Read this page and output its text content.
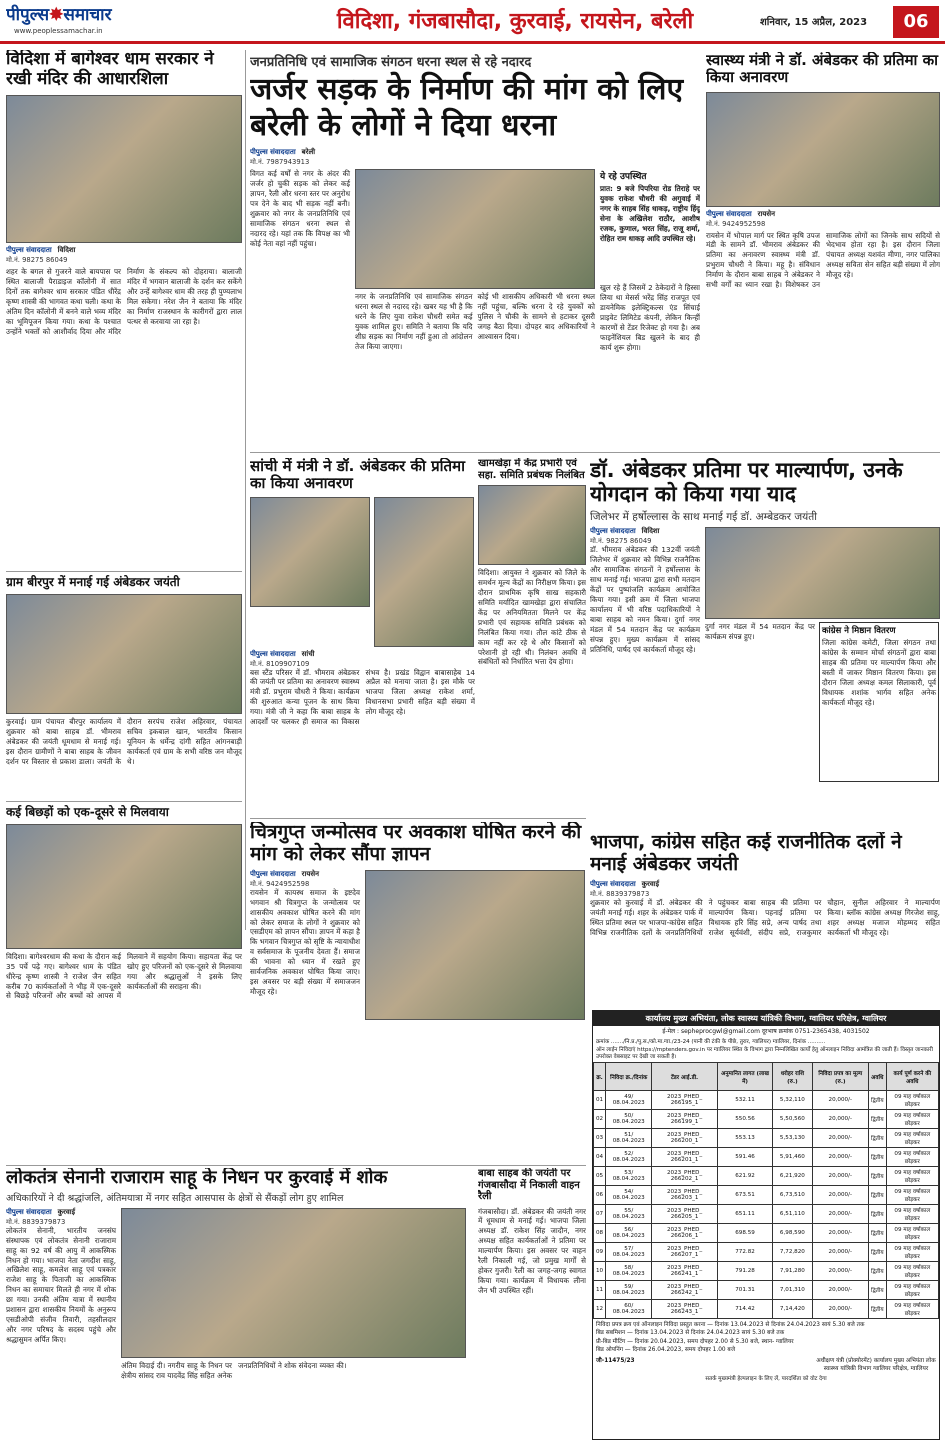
पीपुल्स✸समाचार
www.peoplessamachar.in	विदिशा, गंजबासौदा, कुरवाई, रायसेन, बरेली	शनिवार, 15 अप्रैल, 2023	06
विदिशा में बागेश्वर धाम सरकार ने रखी मंदिर की आधारशिला
पीपुल्स संवाददाता विदिशा
मो.नं. 98275 86049
शहर के बगल से गुजरने वाले बायपास पर स्थित बालाजी पैराडाइज कॉलोनी में सात दिनों तक बागेश्वर धाम सरकार पंडित धीरेंद्र कृष्ण शास्त्री की भागवत कथा चली। कथा के अंतिम दिन कॉलोनी में बनने वाले भव्य मंदिर का भूमिपूजन किया गया। कथा के पश्चात उन्होंने भक्तों को आशीर्वाद दिया और मंदिर निर्माण के संकल्प को दोहराया। बालाजी मंदिर में भगवान बालाजी के दर्शन कर सकेंगे और उन्हें बागेश्वर धाम की तरह ही पुण्यलाभ मिल सकेगा। नरेश जैन ने बताया कि मंदिर का निर्माण राजस्थान के कारीगरों द्वारा लाल पत्थर से करवाया जा रहा है।
ग्राम बीरपुर में मनाई गई अंबेडकर जयंती
कुरवाई। ग्राम पंचायत बीरपुर कार्यालय में शुक्रवार को बाबा साहब डॉ. भीमराव अंबेडकर की जयंती धूमधाम से मनाई गई। इस दौरान ग्रामीणों ने बाबा साहब के जीवन दर्शन पर विस्तार से प्रकाश डाला। जयंती के दौरान सरपंच राजेश अहिरवार, पंचायत सचिव इकबाल खान, भारतीय किसान यूनियन के धर्मेन्द्र दांगी सहित आंगनबाड़ी कार्यकर्ता एवं ग्राम के सभी वरिष्ठ जन मौजूद थे।
कई बिछड़ों को एक-दूसरे से मिलवाया
विदिशा। बागेश्वरधाम की कथा के दौरान कई 35 पर्चे पढ़े गए। बागेश्वर धाम के पंडित धीरेन्द्र कृष्ण शास्त्री ने राजेश जैन सहित करीब 70 कार्यकर्ताओं ने भीड़ में एक-दूसरे से बिछड़े परिजनों और बच्चों को आपस में मिलवाने में सहयोग किया। सहायता केंद्र पर खोए हुए परिजनों को एक-दूसरे से मिलवाया गया और श्रद्धालुओं ने इसके लिए कार्यकर्ताओं की सराहना की।
जनप्रतिनिधि एवं सामाजिक संगठन धरना स्थल से रहे नदारद
जर्जर सड़क के निर्माण की मांग को लिए बरेली के लोगों ने दिया धरना
पीपुल्स संवाददाता बरेली
मो.नं. 7987943913
विगत कई वर्षों से नगर के अंदर की जर्जर हो चुकी सड़क को लेकर कई ज्ञापन, रैली और धरना स्तर पर अनुरोध पत्र देने के बाद भी सड़क नहीं बनी। शुक्रवार को नगर के जनप्रतिनिधि एवं सामाजिक संगठन धरना स्थल से नदारद रहे। यहां तक कि विपक्ष का भी कोई नेता वहां नहीं पहुंचा।
नगर के जनप्रतिनिधि एवं सामाजिक संगठन धरना स्थल से नदारद रहे। खबर यह भी है कि धरने के लिए युवा राकेश चौधरी समेत कई युवक शामिल हुए। समिति ने बताया कि यदि शीघ्र सड़क का निर्माण नहीं हुआ तो आंदोलन तेज किया जाएगा।
कोई भी शासकीय अधिकारी भी धरना स्थल नहीं पहुंचा, बल्कि धरना दे रहे युवकों को पुलिस ने चौकी के सामने से हटाकर दूसरी जगह बैठा दिया। दोपहर बाद अधिकारियों ने आश्वासन दिया।
ये रहे उपस्थित
प्रात: 9 बजे पिपरिया रोड तिराहे पर युवक राकेश चौधरी की अगुवाई में नगर के साहब सिंह धाकड़, राष्ट्रीय हिंदू सेना के अखिलेश राठौर, आशीष रजक, कुणाल, भरत सिंह, राजू शर्मा, रोहित राम धाकड़ आदि उपस्थित रहे।
खुल रहे हैं जिसमें 2 ठेकेदारों ने हिस्सा लिया था मेसर्स भरेंद्र सिंह राजपूत एवं डायनेमिक इलेक्ट्रिकल्स एंड सिंचाई प्राइवेट लिमिटेड कंपनी, लेकिन किन्हीं कारणों से टेंडर रिजेक्ट हो गया है। अब फाइनेंशियल बिड खुलने के बाद ही कार्य शुरू होगा।
स्वास्थ्य मंत्री ने डॉ. अंबेडकर की प्रतिमा का किया अनावरण
पीपुल्स संवाददाता रायसेन
मो.नं. 9424952598
रायसेन में भोपाल मार्ग पर स्थित कृषि उपज मंडी के सामने डॉ. भीमराव अंबेडकर की प्रतिमा का अनावरण स्वास्थ्य मंत्री डॉ. प्रभुराम चौधरी ने किया। महू है। संविधान निर्माण के दौरान बाबा साहब ने अंबेडकर ने सभी वर्गों का ध्यान रखा है। विशेषकर उन सामाजिक लोगों का जिनके साथ सदियों से भेदभाव होता रहा है। इस दौरान जिला पंचायत अध्यक्ष यशवंत मीणा, नगर पालिका अध्यक्ष सविता सेन सहित बड़ी संख्या में लोग मौजूद रहे।
सांची में मंत्री ने डॉ. अंबेडकर की प्रतिमा का किया अनावरण
पीपुल्स संवाददाता सांची
मो.नं. 8109907109
बस स्टैंड परिसर में डॉ. भीमराव अंबेडकर की जयंती पर प्रतिमा का अनावरण स्वास्थ्य मंत्री डॉ. प्रभुराम चौधरी ने किया। कार्यक्रम की शुरुआत कन्या पूजन के साथ किया गया। मंत्री जी ने कहा कि बाबा साहब के आदर्शों पर चलकर ही समाज का विकास संभव है। प्रखंड विद्वान बाबासाहेब 14 अप्रैल को मनाया जाता है। इस मौके पर भाजपा जिला अध्यक्ष राकेश शर्मा, विधानसभा प्रभारी सहित बड़ी संख्या में लोग मौजूद रहे।
खामखेड़ा में केंद्र प्रभारी एवं सहा. समिति प्रबंधक निलंबित
विदिशा। आयुक्त ने शुक्रवार को जिले के समर्थन मूल्य केंद्रों का निरीक्षण किया। इस दौरान प्राथमिक कृषि साख सहकारी समिति मर्यादित खामखेड़ा द्वारा संचालित केंद्र पर अनियमितता मिलने पर केंद्र प्रभारी एवं सहायक समिति प्रबंधक को निलंबित किया गया। तौल कांटे ठीक से काम नहीं कर रहे थे और किसानों को परेशानी हो रही थी। निलंबन अवधि में संबंधितों को निर्धारित भत्ता देय होगा।
डॉ. अंबेडकर प्रतिमा पर माल्यार्पण, उनके योगदान को किया गया याद
जिलेभर में हर्षोल्लास के साथ मनाई गई डॉ. अम्बेडकर जयंती
पीपुल्स संवाददाता विदिशा
मो.नं. 98275 86049
डॉ. भीमराव अंबेडकर की 132वीं जयंती जिलेभर में शुक्रवार को विभिन्न राजनैतिक और सामाजिक संगठनों ने हर्षोल्लास के साथ मनाई गई। भाजपा द्वारा सभी मतदान केंद्रों पर पुष्पांजलि कार्यक्रम आयोजित किया गया। इसी क्रम में जिला भाजपा कार्यालय में भी वरिष्ठ पदाधिकारियों ने बाबा साहब को नमन किया। दुर्गा नगर मंडल में 54 मतदान केंद्र पर कार्यक्रम संपन्न हुए। मुख्य कार्यक्रम में सांसद प्रतिनिधि, पार्षद एवं कार्यकर्ता मौजूद रहे।
दुर्गा नगर मंडल में 54 मतदान केंद्र पर कार्यक्रम संपन्न हुए।
कांग्रेस ने मिष्ठान वितरण
जिला कांग्रेस कमेटी, जिला संगठन तथा कांग्रेस के सम्मान मोर्चा संगठनों द्वारा बाबा साहब की प्रतिमा पर माल्यार्पण किया और बस्ती में जाकर मिष्ठान वितरण किया। इस दौरान जिला अध्यक्ष कमल सिलाकारी, पूर्व विधायक शशांक भार्गव सहित अनेक कार्यकर्ता मौजूद रहे।
चित्रगुप्त जन्मोत्सव पर अवकाश घोषित करने की मांग को लेकर सौंपा ज्ञापन
पीपुल्स संवाददाता रायसेन
मो.नं. 9424952598
रायसेन में कायस्थ समाज के इष्टदेव भगवान श्री चित्रगुप्त के जन्मोत्सव पर शासकीय अवकाश घोषित करने की मांग को लेकर समाज के लोगों ने शुक्रवार को एसडीएम को ज्ञापन सौंपा। ज्ञापन में कहा है कि भगवान चित्रगुप्त को सृष्टि के न्यायाधीश व सर्वसमाज के पूजनीय देवता हैं। समाज की भावना को ध्यान में रखते हुए सार्वजनिक अवकाश घोषित किया जाए। इस अवसर पर बड़ी संख्या में समाजजन मौजूद रहे।
भाजपा, कांग्रेस सहित कई राजनीतिक दलों ने मनाई अंबेडकर जयंती
पीपुल्स संवाददाता कुरवाई
मो.नं. 8839379873
शुक्रवार को कुरवाई में डॉ. अंबेडकर की जयंती मनाई गई। शहर के अंबेडकर पार्क में स्थित प्रतिमा स्थल पर भाजपा-कांग्रेस सहित विभिन्न राजनीतिक दलों के जनप्रतिनिधियों ने पहुंचकर बाबा साहब की प्रतिमा पर माल्यार्पण किया। पहनाई प्रतिमा पर विधायक हरि सिंह सप्रे, अन्य पार्षद तथा राजेश सूर्यवंशी, संदीप सप्रे, राजकुमार चौहान, सुनील अहिरवार ने माल्यार्पण किया। ब्लॉक कांग्रेस अध्यक्ष गिरजेश साहू, शहर अध्यक्ष मजाज मोहम्मद सहित कार्यकर्ता भी मौजूद रहे।
कार्यालय मुख्य अभियंता, लोक स्वास्थ्य यांत्रिकी विभाग, ग्वालियर परिक्षेत्र, ग्वालियर
ई-मेल : sepheprocgwl@gmail.com दूरभाष क्रमांक 0751-2365438, 4031502
क्रमांक ......./नि.प्र./पु.स./को.मा.ग्वा./23-24 (पानी की टंकी के पीछे, तुरार, ग्वालियर) ग्वालियर, दिनांक ..........
ऑन लाईन निविदाएं https://mptenders.gov.in पर ग्वालियर स्थित के विभाग द्वारा निम्नलिखित कार्यों हेतु ऑनलाइन निविदा आमंत्रित की जाती हैं। विस्तृत जानकारी उपरोक्त वेबसाइट पर देखी जा सकती है।
क्र.	निविदा क्र./दिनांक	टेंडर आई.डी.	अनुमानित लागत (लाख में)	धरोहर राशि (रु.)	निविदा प्रपत्र का मूल्य (रु.)	अवधि	कार्य पूर्ण करने की अवधि
01	49/ 08.04.2023	2023_PHED_ 266195_1	532.11	5,32,110	20,000/-	द्वितीय	09 माह वर्षाकाल छोड़कर
02	50/ 08.04.2023	2023_PHED_ 266199_1	550.56	5,50,560	20,000/-	द्वितीय	09 माह वर्षाकाल छोड़कर
03	51/ 08.04.2023	2023_PHED_ 266200_1	553.13	5,53,130	20,000/-	द्वितीय	09 माह वर्षाकाल छोड़कर
04	52/ 08.04.2023	2023_PHED_ 266201_1	591.46	5,91,460	20,000/-	द्वितीय	09 माह वर्षाकाल छोड़कर
05	53/ 08.04.2023	2023_PHED_ 266202_1	621.92	6,21,920	20,000/-	द्वितीय	09 माह वर्षाकाल छोड़कर
06	54/ 08.04.2023	2023_PHED_ 266203_1	673.51	6,73,510	20,000/-	द्वितीय	09 माह वर्षाकाल छोड़कर
07	55/ 08.04.2023	2023_PHED_ 266205_1	651.11	6,51,110	20,000/-	द्वितीय	09 माह वर्षाकाल छोड़कर
08	56/ 08.04.2023	2023_PHED_ 266206_1	698.59	6,98,590	20,000/-	द्वितीय	09 माह वर्षाकाल छोड़कर
09	57/ 08.04.2023	2023_PHED_ 266207_1	772.82	7,72,820	20,000/-	द्वितीय	09 माह वर्षाकाल छोड़कर
10	58/ 08.04.2023	2023_PHED_ 266241_1	791.28	7,91,280	20,000/-	द्वितीय	09 माह वर्षाकाल छोड़कर
11	59/ 08.04.2023	2023_PHED_ 266242_1	701.31	7,01,310	20,000/-	द्वितीय	09 माह वर्षाकाल छोड़कर
12	60/ 08.04.2023	2023_PHED_ 266243_1	714.42	7,14,420	20,000/-	द्वितीय	09 माह वर्षाकाल छोड़कर
निविदा प्रपत्र क्रय एवं ऑनलाइन निविदा प्रस्तुत करना — दिनांक 13.04.2023 से दिनांक 24.04.2023 सायं 5.30 बजे तक
बिड सबमिशन — दिनांक 13.04.2023 से दिनांक 24.04.2023 सायं 5.30 बजे तक
प्री-बिड मीटिंग — दिनांक 20.04.2023, समय दोपहर 2.00 से 5.30 बजे, स्थान- ग्वालियर
बिड ओपनिंग — दिनांक 26.04.2023, समय दोपहर 1.00 बजे
जी-11475/23	अधीक्षण यंत्री (प्रोक्योरमेंट) कार्यालय मुख्य अभियंता लोक स्वास्थ्य यांत्रिकी विभाग ग्वालियर परिक्षेत्र, ग्वालियर
सतर्क मुख्यमंत्री हेल्पलाइन के लिए लें, पारदर्शिता को वोट देगा
लोकतंत्र सेनानी राजाराम साहू के निधन पर कुरवाई में शोक
अधिकारियों ने दी श्रद्धांजलि, अंतिमयात्रा में नगर सहित आसपास के क्षेत्रों से सैंकड़ों लोग हुए शामिल
पीपुल्स संवाददाता कुरवाई
मो.नं. 8839379873
लोकतंत्र सेनानी, भारतीय जनसंघ संस्थापक एवं लोकतंत्र सेनानी राजाराम साहू का 92 वर्ष की आयु में आकस्मिक निधन हो गया। भाजपा नेता जगदीश साहू, अखिलेश साहू, कमलेश साहू एवं पत्रकार राजेश साहू के पिताजी का आकस्मिक निधन का समाचार मिलते ही नगर में शोक छा गया। उनकी अंतिम यात्रा में स्थानीय प्रशासन द्वारा शासकीय नियमों के अनुरूप एसडीओपी संजीव तिवारी, तहसीलदार और नगर परिषद के सदस्य पहुंचे और श्रद्धासुमन अर्पित किए।
अंतिम विदाई दी। नगरीय साहू के निधन पर क्षेत्रीय सांसद राव यादवेंद्र सिंह सहित अनेक जनप्रतिनिधियों ने शोक संवेदना व्यक्त की।
बाबा साहब की जयंती पर गंजबासौदा में निकाली वाहन रैली
गंजबासौदा। डॉ. अंबेडकर की जयंती नगर में धूमधाम से मनाई गई। भाजपा जिला अध्यक्ष डॉ. राकेश सिंह जादौन, नगर अध्यक्ष सहित कार्यकर्ताओं ने प्रतिमा पर माल्यार्पण किया। इस अवसर पर वाहन रैली निकाली गई, जो प्रमुख मार्गों से होकर गुजरी। रैली का जगह-जगह स्वागत किया गया। कार्यक्रम में विधायक लीना जैन भी उपस्थित रहीं।
